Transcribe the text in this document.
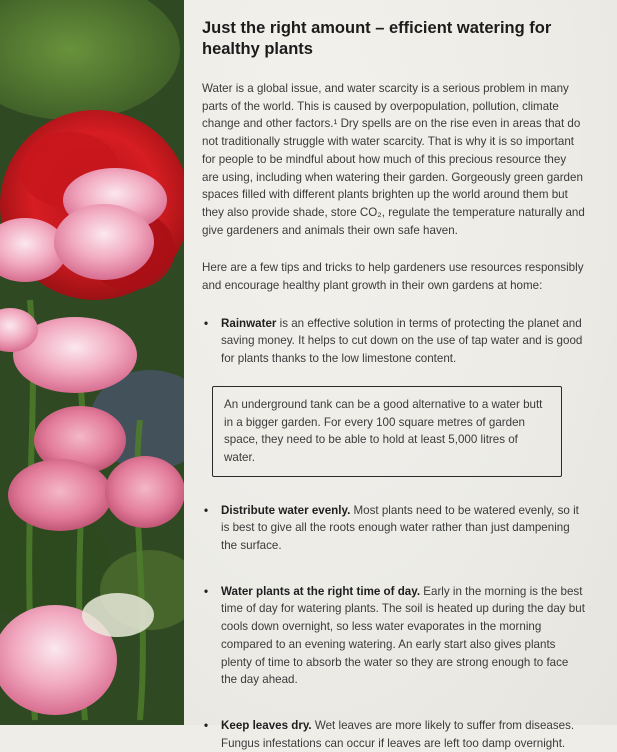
Just the right amount – efficient watering for healthy plants

Water is a global issue, and water scarcity is a serious problem in many parts of the world. This is caused by overpopulation, pollution, climate change and other factors.¹ Dry spells are on the rise even in areas that do not traditionally struggle with water scarcity. That is why it is so important for people to be mindful about how much of this precious resource they are using, including when watering their garden. Gorgeously green garden spaces filled with different plants brighten up the world around them but they also provide shade, store CO₂, regulate the temperature naturally and give gardeners and animals their own safe haven.

Here are a few tips and tricks to help gardeners use resources responsibly and encourage healthy plant growth in their own gardens at home:

• Rainwater is an effective solution in terms of protecting the planet and saving money. It helps to cut down on the use of tap water and is good for plants thanks to the low limestone content.

An underground tank can be a good alternative to a water butt in a bigger garden. For every 100 square metres of garden space, they need to be able to hold at least 5,000 litres of water.

• Distribute water evenly. Most plants need to be watered evenly, so it is best to give all the roots enough water rather than just dampening the surface.
• Water plants at the right time of day. Early in the morning is the best time of day for watering plants. The soil is heated up during the day but cools down overnight, so less water evaporates in the morning compared to an evening watering. An early start also gives plants plenty of time to absorb the water so they are strong enough to face the day ahead.
• Keep leaves dry. Wet leaves are more likely to suffer from diseases. Fungus infestations can occur if leaves are left too damp overnight.
